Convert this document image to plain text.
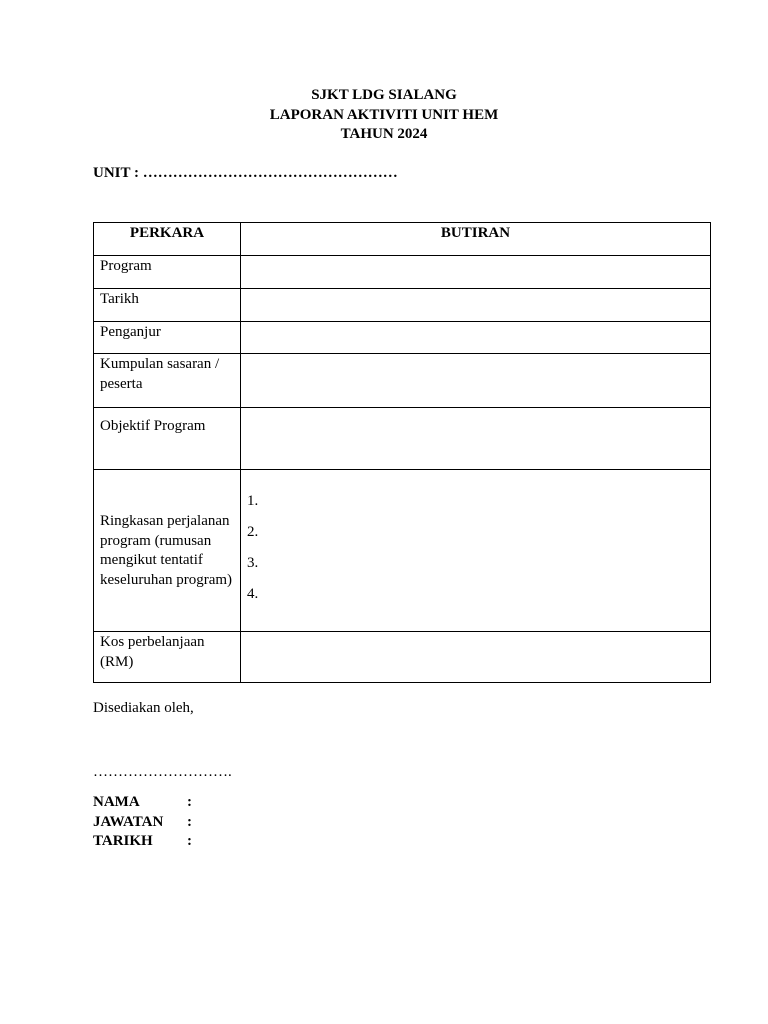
SJKT LDG SIALANG
LAPORAN AKTIVITI UNIT HEM
TAHUN 2024
UNIT : ……………………………………………
PERKARA	BUTIRAN
Program	
Tarikh	
Penganjur	
Kumpulan sasaran / peserta	
Objektif Program	
Ringkasan perjalanan program (rumusan mengikut tentatif keseluruhan program)	1.
2.
3.
4.

Kos perbelanjaan (RM)	
Disediakan oleh,
……………………….
NAMA	:
JAWATAN	:
TARIKH	:
